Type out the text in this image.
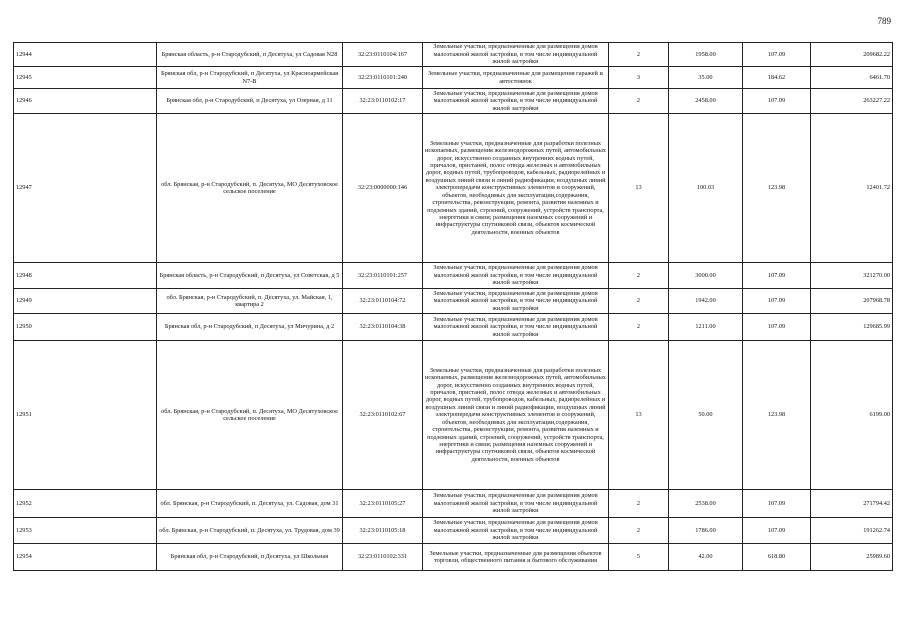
789
12944	Брянская область, р-н Стародубский, п Десятуха, ул Садовая N28	32:23:0110104:167	Земельные участки, предназначенные для размещения домов малоэтажной жилой застройки, в том числе индивидуальной жилой застройки	2	1958.00	107.09	209682.22
12945	Брянская обл, р-н Стародубский, п Десятуха, ул Красноармейская N7-В	32:23:0110101:240	Земельные участки, предназначенные для размещения гаражей и автостоянок	3	35.00	184.62	6461.70
12946	Брянская обл, р-н Стародубский, п Десятуха, ул Озерная, д 11	32:23:0110102:17	Земельные участки, предназначенные для размещения домов малоэтажной жилой застройки, в том числе индивидуальной жилой застройки	2	2458.00	107.09	263227.22
12947	обл. Брянская, р-н Стародубский, п. Десятуха, МО Десятуховское сельское поселение	32:23:0000000:146	Земельные участки, предназначенные для разработки полезных ископаемых, размещения железнодорожных путей, автомобильных дорог, искусственно созданных внутренних водных путей, причалов, пристаней, полос отвода железных и автомобильных дорог, водных путей, трубопроводов, кабельных, радиорелейных и воздушных линий связи и линий радиофикации, воздушных линий электропередачи конструктивных элементов и сооружений, объектов, необходимых для эксплуатации,содержания, строительства, реконструкции, ремонта, развития наземных и подземных зданий, строений, сооружений, устройств транспорта, энергетики и связи; размещения наземных сооружений и инфраструктуры спутниковой связи, объектов космической деятельности, военных объектов	13	100.03	123.98	12401.72
12948	Брянская область, р-н Стародубский, п Десятуха, ул Советская, д 5	32:23:0110101:257	Земельные участки, предназначенные для размещения домов малоэтажной жилой застройки, в том числе индивидуальной жилой застройки	2	3000.00	107.09	321270.00
12949	обл. Брянская, р-н Стародубский, п. Десятуха, ул. Майская, 1, квартира 2	32:23:0110104:72	Земельные участки, предназначенные для размещения домов малоэтажной жилой застройки, в том числе индивидуальной жилой застройки	2	1942.00	107.09	207968.78
12950	Брянская обл, р-н Стародубский, п Десятуха, ул Мичурина, д 2	32:23:0110104:38	Земельные участки, предназначенные для размещения домов малоэтажной жилой застройки, в том числе индивидуальной жилой застройки	2	1211.00	107.09	129685.99
12951	обл. Брянская, р-н Стародубский, п. Десятуха, МО Десятуховское сельское поселение	32:23:0110102:67	Земельные участки, предназначенные для разработки полезных ископаемых, размещения железнодорожных путей, автомобильных дорог, искусственно созданных внутренних водных путей, причалов, пристаней, полос отвода железных и автомобильных дорог, водных путей, трубопроводов, кабельных, радиорелейных и воздушных линий связи и линий радиофикации, воздушных линий электропередачи конструктивных элементов и сооружений, объектов, необходимых для эксплуатации,содержания, строительства, реконструкции, ремонта, развития наземных и подземных зданий, строений, сооружений, устройств транспорта, энергетики и связи; размещения наземных сооружений и инфраструктуры спутниковой связи, объектов космической деятельности, военных объектов	13	50.00	123.98	6199.00
12952	обл. Брянская, р-н Стародубский, п. Десятуха, ул. Садовая, дом 31	32:23:0110105:27	Земельные участки, предназначенные для размещения домов малоэтажной жилой застройки, в том числе индивидуальной жилой застройки	2	2538.00	107.09	271794.42
12953	обл. Брянская, р-н Стародубский, п. Десятуха, ул. Трудовая, дом 39	32:23:0110105:18	Земельные участки, предназначенные для размещения домов малоэтажной жилой застройки, в том числе индивидуальной жилой застройки	2	1786.00	107.09	191262.74
12954	Брянская обл, р-н Стародубский, п Десятуха, ул Школьная	32:23:0110102:331	Земельные участки, предназначенные для размещения объектов торговли, общественного питания и бытового обслуживания	5	42.00	618.80	25989.60
